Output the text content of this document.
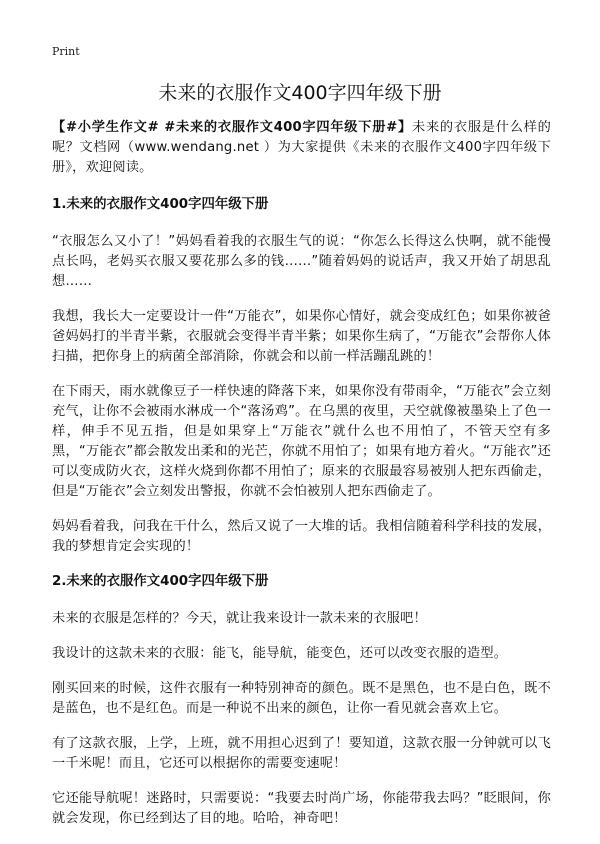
Print
未来的衣服作文400字四年级下册

【#小学生作文# #未来的衣服作文400字四年级下册#】未来的衣服是什么样的呢？文档网（www.wendang.net ）为大家提供《未来的衣服作文400字四年级下册》，欢迎阅读。

1.未来的衣服作文400字四年级下册

“衣服怎么又小了！”妈妈看着我的衣服生气的说：“你怎么长得这么快啊，就不能慢点长吗，老妈买衣服又要花那么多的钱……”随着妈妈的说话声，我又开始了胡思乱想……

我想，我长大一定要设计一件“万能衣”，如果你心情好，就会变成红色；如果你被爸爸妈妈打的半青半紫，衣服就会变得半青半紫；如果你生病了，“万能衣”会帮你人体扫描，把你身上的病菌全部消除，你就会和以前一样活蹦乱跳的！

在下雨天，雨水就像豆子一样快速的降落下来，如果你没有带雨伞，“万能衣”会立刻充气，让你不会被雨水淋成一个“落汤鸡”。在乌黑的夜里，天空就像被墨染上了色一样，伸手不见五指，但是如果穿上“万能衣”就什么也不用怕了，不管天空有多黑，“万能衣”都会散发出柔和的光芒，你就不用怕了；如果有地方着火。“万能衣”还可以变成防火衣，这样火烧到你都不用怕了；原来的衣服最容易被别人把东西偷走，但是“万能衣”会立刻发出警报，你就不会怕被别人把东西偷走了。

妈妈看着我，问我在干什么，然后又说了一大堆的话。我相信随着科学科技的发展，我的梦想肯定会实现的！

2.未来的衣服作文400字四年级下册

未来的衣服是怎样的？今天，就让我来设计一款未来的衣服吧！

我设计的这款未来的衣服：能飞，能导航，能变色，还可以改变衣服的造型。

刚买回来的时候，这件衣服有一种特别神奇的颜色。既不是黑色，也不是白色，既不是蓝色，也不是红色。而是一种说不出来的颜色，让你一看见就会喜欢上它。

有了这款衣服，上学，上班，就不用担心迟到了！要知道，这款衣服一分钟就可以飞一千米呢！而且，它还可以根据你的需要变速呢！

它还能导航呢！迷路时，只需要说：“我要去时尚广场，你能带我去吗？”眨眼间，你就会发现，你已经到达了目的地。哈哈，神奇吧！
